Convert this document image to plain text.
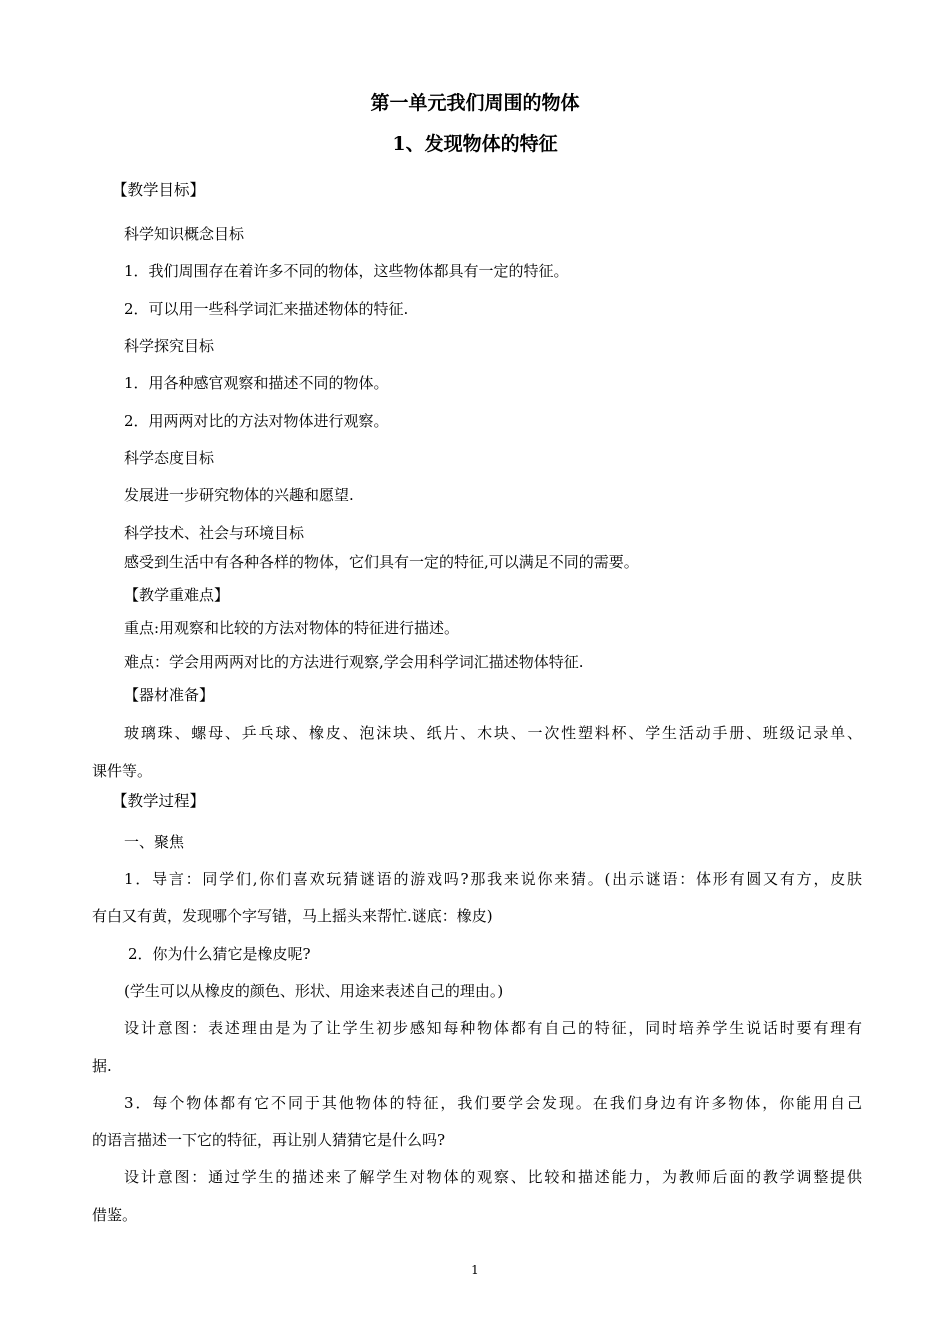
第一单元我们周围的物体
1、发现物体的特征

【教学目标】

科学知识概念目标

1．我们周围存在着许多不同的物体，这些物体都具有一定的特征。

2．可以用一些科学词汇来描述物体的特征.

科学探究目标

1．用各种感官观察和描述不同的物体。

2．用两两对比的方法对物体进行观察。

科学态度目标

发展进一步研究物体的兴趣和愿望.

科学技术、社会与环境目标

感受到生活中有各种各样的物体，它们具有一定的特征,可以满足不同的需要。

【教学重难点】

重点:用观察和比较的方法对物体的特征进行描述。

难点：学会用两两对比的方法进行观察,学会用科学词汇描述物体特征.

【器材准备】

玻璃珠、螺母、乒乓球、橡皮、泡沫块、纸片、木块、一次性塑料杯、学生活动手册、班级记录单、

课件等。

【教学过程】

一、聚焦

1．导言：同学们,你们喜欢玩猜谜语的游戏吗?那我来说你来猜。(出示谜语：体形有圆又有方，皮肤

有白又有黄，发现哪个字写错，马上摇头来帮忙.谜底：橡皮)

2．你为什么猜它是橡皮呢?

(学生可以从橡皮的颜色、形状、用途来表述自己的理由。)

设计意图：表述理由是为了让学生初步感知每种物体都有自己的特征，同时培养学生说话时要有理有

据.

3．每个物体都有它不同于其他物体的特征，我们要学会发现。在我们身边有许多物体，你能用自己

的语言描述一下它的特征，再让别人猜猜它是什么吗?

设计意图：通过学生的描述来了解学生对物体的观察、比较和描述能力，为教师后面的教学调整提供

借鉴。

1
